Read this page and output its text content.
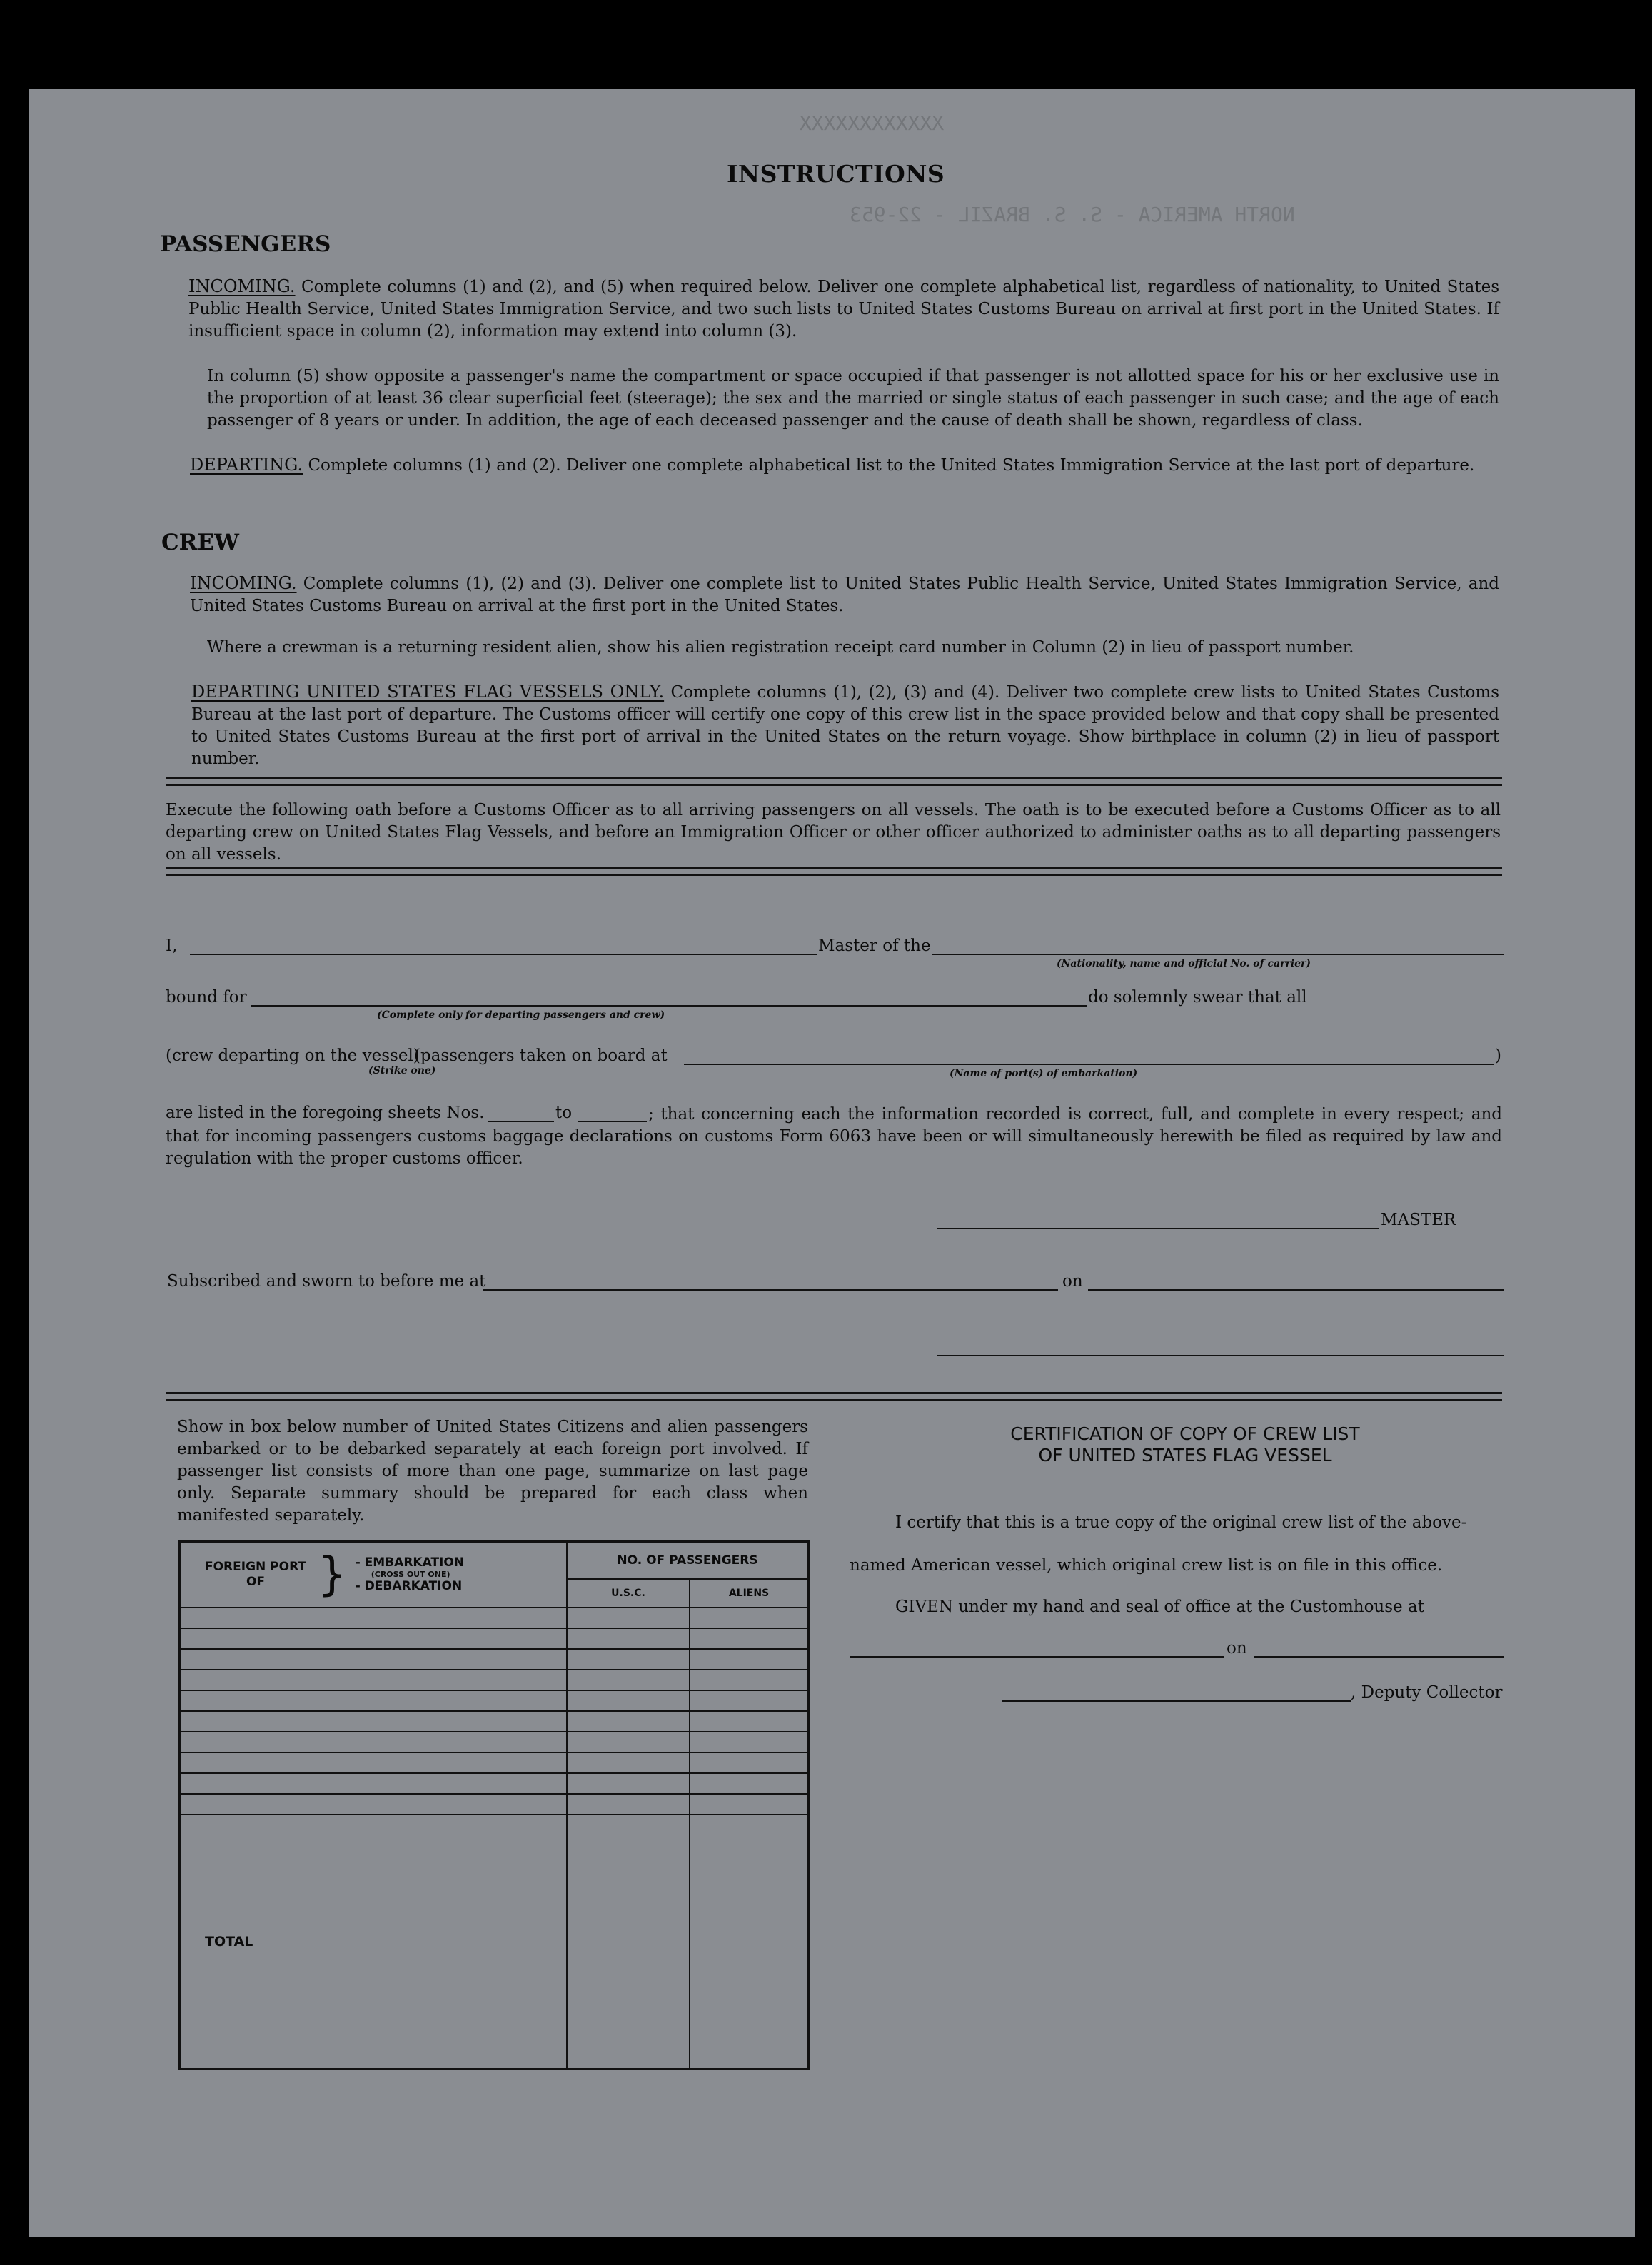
XXXXXXXXXXXX
NORTH AMERICA - S. S. BRAZIL - 22-953
INSTRUCTIONS
PASSENGERS
INCOMING. Complete columns (1) and (2), and (5) when required below. Deliver one complete alphabetical list, regardless of nationality, to United States Public Health Service, United States Immigration Service, and two such lists to United States Customs Bureau on arrival at first port in the United States. If insufficient space in column (2), information may extend into column (3).
In column (5) show opposite a passenger's name the compartment or space occupied if that passenger is not allotted space for his or her exclusive use in the proportion of at least 36 clear superficial feet (steerage); the sex and the married or single status of each passenger in such case; and the age of each passenger of 8 years or under. In addition, the age of each deceased passenger and the cause of death shall be shown, regardless of class.
DEPARTING. Complete columns (1) and (2). Deliver one complete alphabetical list to the United States Immigration Service at the last port of departure.
CREW
INCOMING. Complete columns (1), (2) and (3). Deliver one complete list to United States Public Health Service, United States Immigration Service, and United States Customs Bureau on arrival at the first port in the United States.
Where a crewman is a returning resident alien, show his alien registration receipt card number in Column (2) in lieu of passport number.
DEPARTING UNITED STATES FLAG VESSELS ONLY. Complete columns (1), (2), (3) and (4). Deliver two complete crew lists to United States Customs Bureau at the last port of departure. The Customs officer will certify one copy of this crew list in the space provided below and that copy shall be presented to United States Customs Bureau at the first port of arrival in the United States on the return voyage. Show birthplace in column (2) in lieu of passport number.
Execute the following oath before a Customs Officer as to all arriving passengers on all vessels. The oath is to be executed before a Customs Officer as to all departing crew on United States Flag Vessels, and before an Immigration Officer or other officer authorized to administer oaths as to all departing passengers on all vessels.
I,	Master of the
(Nationality, name and official No. of carrier)
bound for
(Complete only for departing passengers and crew)
do solemnly swear that all
(crew departing on the vessel)
(passengers taken on board at
(Strike one)	(Name of port(s) of embarkation)
)
are listed in the foregoing sheets Nos.	to	; that concerning each the information recorded is correct, full, and complete in every respect; and that for incoming passengers customs baggage declarations on customs Form 6063 have been or will simultaneously herewith be filed as required by law and regulation with the proper customs officer.
MASTER
Subscribed and sworn to before me at	on
Show in box below number of United States Citizens and alien passengers embarked or to be debarked separately at each foreign port involved. If passenger list consists of more than one page, summarize on last page only. Separate summary should be prepared for each class when manifested separately.
FOREIGN PORT OF } - EMBARKATION
(CROSS OUT ONE)
- DEBARKATION	NO. OF PASSENGERS	
	U.S.C.	ALIENS

TOTAL		
CERTIFICATION OF COPY OF CREW LIST
OF UNITED STATES FLAG VESSEL
I certify that this is a true copy of the original crew list of the above-
named American vessel, which original crew list is on file in this office.
GIVEN under my hand and seal of office at the Customhouse at
on
, Deputy Collector
